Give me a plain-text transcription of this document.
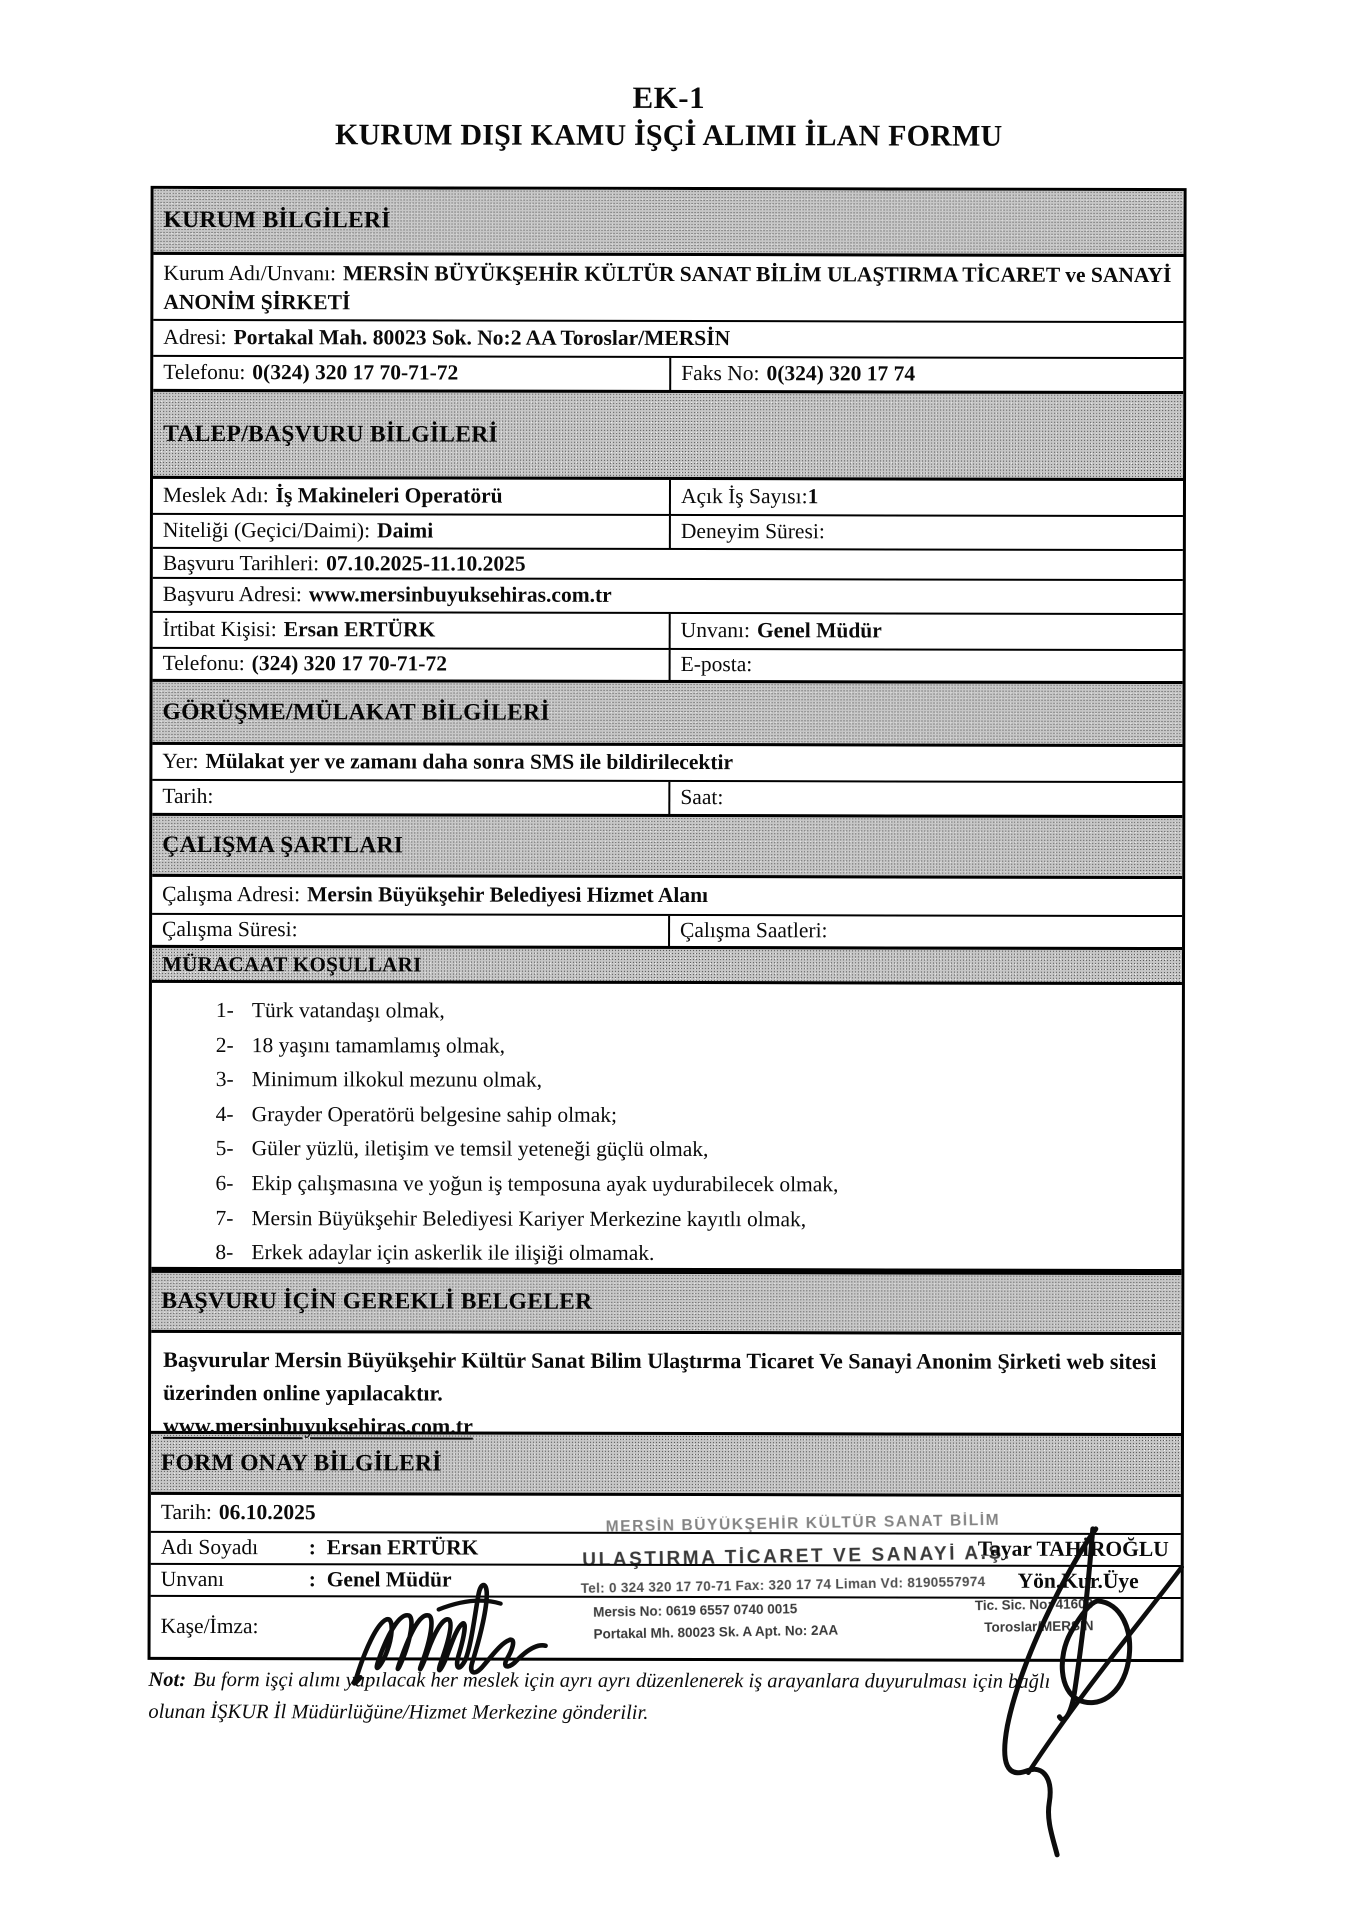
EK-1
KURUM DIŞI KAMU İŞÇİ ALIMI İLAN FORMU
KURUM BİLGİLERİ
Kurum Adı/Unvanı: MERSİN BÜYÜKŞEHİR KÜLTÜR SANAT BİLİM ULAŞTIRMA TİCARET ve SANAYİ ANONİM ŞİRKETİ
Adresi: Portakal Mah. 80023 Sok. No:2 AA Toroslar/MERSİN
Telefonu: 0(324) 320 17 70-71-72	Faks No: 0(324) 320 17 74
TALEP/BAŞVURU BİLGİLERİ
Meslek Adı: İş Makineleri Operatörü	Açık İş Sayısı: 1
Niteliği (Geçici/Daimi): Daimi	Deneyim Süresi:
Başvuru Tarihleri: 07.10.2025-11.10.2025
Başvuru Adresi: www.mersinbuyuksehiras.com.tr
İrtibat Kişisi: Ersan ERTÜRK	Unvanı: Genel Müdür
Telefonu: (324) 320 17 70-71-72	E-posta:
GÖRÜŞME/MÜLAKAT BİLGİLERİ
Yer: Mülakat yer ve zamanı daha sonra SMS ile bildirilecektir
Tarih:	Saat:
ÇALIŞMA ŞARTLARI
Çalışma Adresi: Mersin Büyükşehir Belediyesi Hizmet Alanı
Çalışma Süresi:	Çalışma Saatleri:
MÜRACAAT KOŞULLARI
1- Türk vatandaşı olmak,
2- 18 yaşını tamamlamış olmak,
3- Minimum ilkokul mezunu olmak,
4- Grayder Operatörü belgesine sahip olmak;
5- Güler yüzlü, iletişim ve temsil yeteneği güçlü olmak,
6- Ekip çalışmasına ve yoğun iş temposuna ayak uydurabilecek olmak,
7- Mersin Büyükşehir Belediyesi Kariyer Merkezine kayıtlı olmak,
8- Erkek adaylar için askerlik ile ilişiği olmamak.
BAŞVURU İÇİN GEREKLİ BELGELER
Başvurular Mersin Büyükşehir Kültür Sanat Bilim Ulaştırma Ticaret Ve Sanayi Anonim Şirketi web sitesi üzerinden online yapılacaktır.
www.mersinbuyuksehiras.com.tr
FORM ONAY BİLGİLERİ
Tarih: 06.10.2025
Adı Soyadı	: Ersan ERTÜRK	Tayar TAHİROĞLU
Unvanı	: Genel Müdür	Yön.Kur.Üye
Kaşe/İmza:
MERSİN BÜYÜKŞEHİR KÜLTÜR SANAT BİLİM
ULAŞTIRMA TİCARET VE SANAYİ A.Ş.
Tel: 0 324 320 17 70-71 Fax: 320 17 74 Liman Vd: 8190557974
Mersis No: 0619 6557 0740 0015	Tic. Sic. No: 41603
Portakal Mh. 80023 Sk. A Apt. No: 2AA	Toroslar/MERSİN
Not: Bu form işçi alımı yapılacak her meslek için ayrı ayrı düzenlenerek iş arayanlara duyurulması için bağlı
olunan İŞKUR İl Müdürlüğüne/Hizmet Merkezine gönderilir.
